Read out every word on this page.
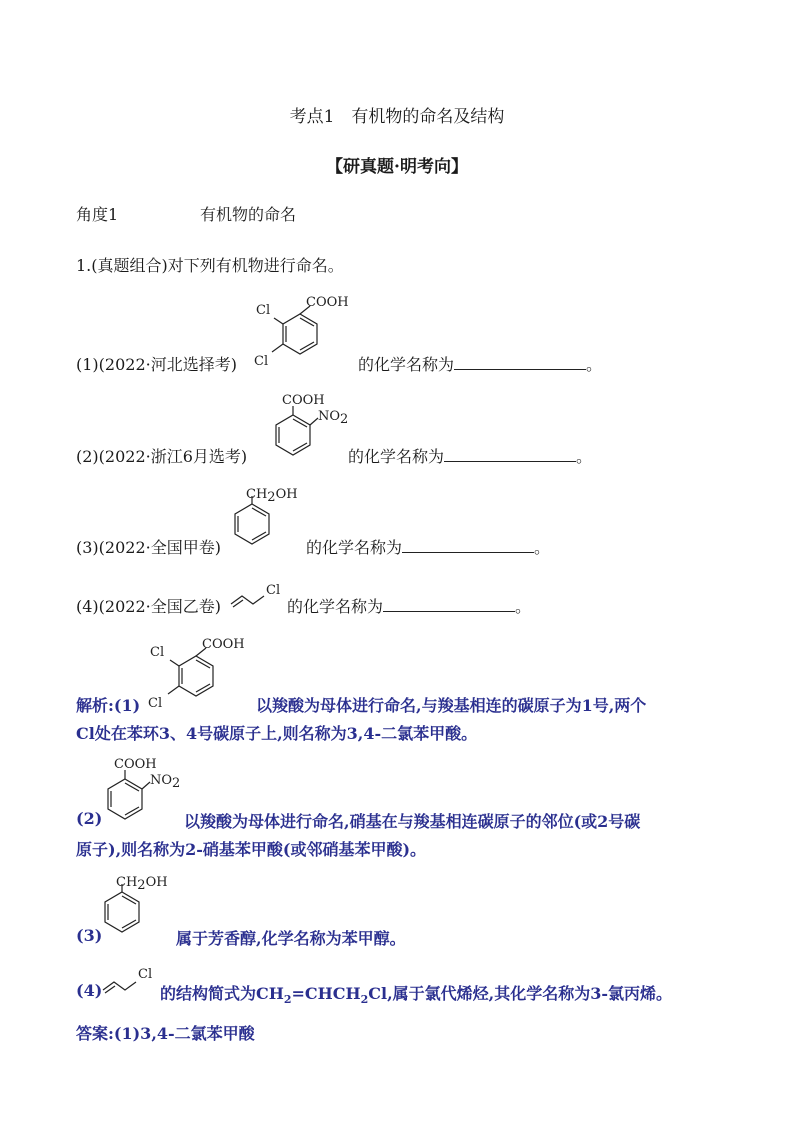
考点1　有机物的命名及结构
【研真题·明考向】
角度1	有机物的命名
1.(真题组合)对下列有机物进行命名。
COOH
Cl
Cl
(1)(2022·河北选择考)	的化学名称为	。
COOH
NO2
(2)(2022·浙江6月选考)	的化学名称为	。
CH2OH
(3)(2022·全国甲卷)	的化学名称为	。
Cl
(4)(2022·全国乙卷)	的化学名称为	。
COOH
Cl
Cl
解析:(1)	以羧酸为母体进行命名,与羧基相连的碳原子为1号,两个
Cl处在苯环3、4号碳原子上,则名称为3,4-二氯苯甲酸。
COOH
NO2
(2)	以羧酸为母体进行命名,硝基在与羧基相连碳原子的邻位(或2号碳
原子),则名称为2-硝基苯甲酸(或邻硝基苯甲酸)。
CH2OH
(3)	属于芳香醇,化学名称为苯甲醇。
Cl
(4)	的结构简式为$CH_2=CHCH_2Cl$,属于氯代烯烃,其化学名称为3-氯丙烯。
答案:(1)3,4-二氯苯甲酸
